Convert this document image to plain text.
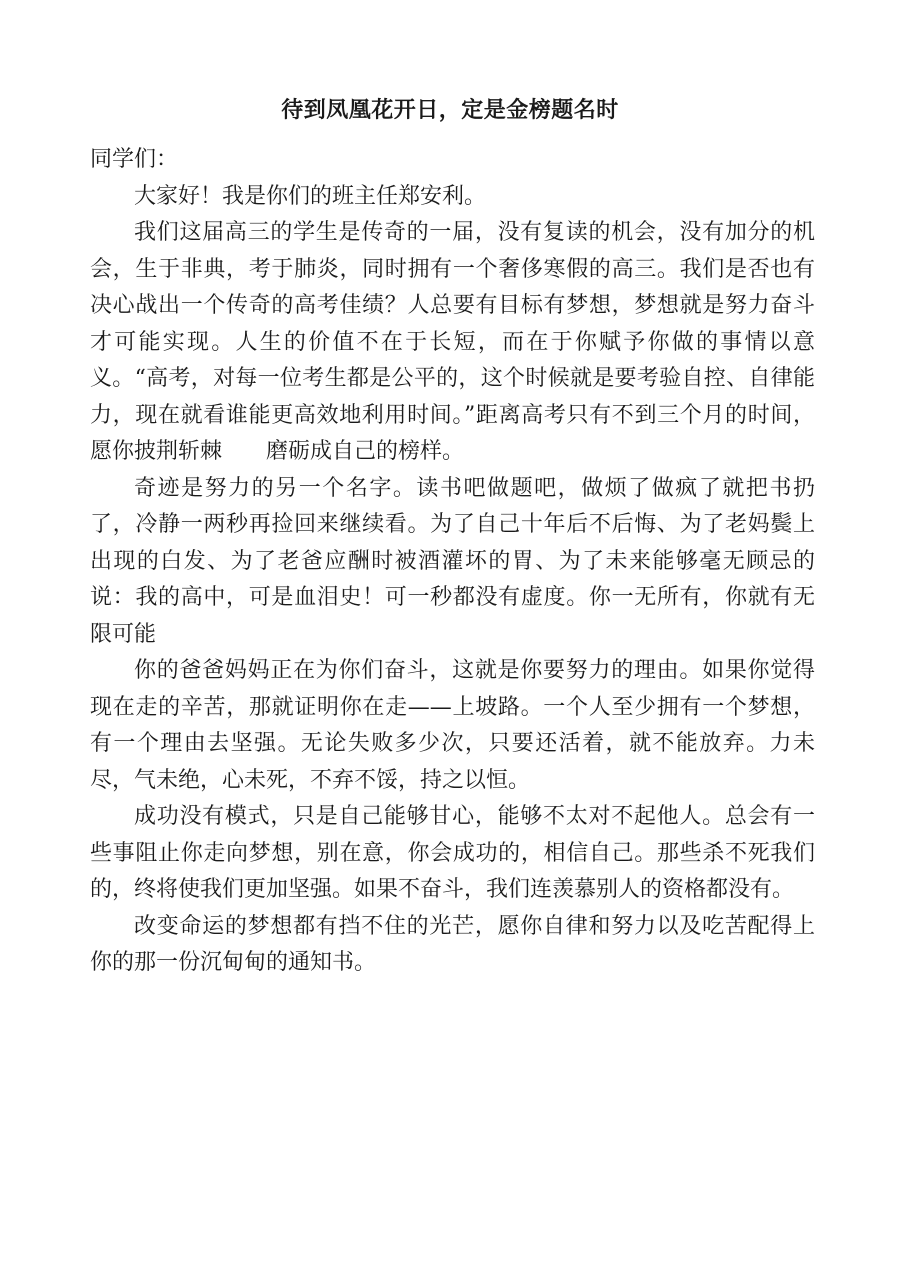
待到凤凰花开日，定是金榜题名时

同学们：

大家好！我是你们的班主任郑安利。

我们这届高三的学生是传奇的一届，没有复读的机会，没有加分的机会，生于非典，考于肺炎，同时拥有一个奢侈寒假的高三。我们是否也有决心战出一个传奇的高考佳绩？人总要有目标有梦想，梦想就是努力奋斗才可能实现。人生的价值不在于长短，而在于你赋予你做的事情以意义。“高考，对每一位考生都是公平的，这个时候就是要考验自控、自律能力，现在就看谁能更高效地利用时间。”距离高考只有不到三个月的时间，愿你披荆斩棘　　磨砺成自己的榜样。

奇迹是努力的另一个名字。读书吧做题吧，做烦了做疯了就把书扔了，冷静一两秒再捡回来继续看。为了自己十年后不后悔、为了老妈鬓上出现的白发、为了老爸应酬时被酒灌坏的胃、为了未来能够毫无顾忌的说：我的高中，可是血泪史！可一秒都没有虚度。你一无所有，你就有无限可能

你的爸爸妈妈正在为你们奋斗，这就是你要努力的理由。如果你觉得现在走的辛苦，那就证明你在走——上坡路。一个人至少拥有一个梦想，有一个理由去坚强。无论失败多少次，只要还活着，就不能放弃。力未尽，气未绝，心未死，不弃不馁，持之以恒。

成功没有模式，只是自己能够甘心，能够不太对不起他人。总会有一些事阻止你走向梦想，别在意，你会成功的，相信自己。那些杀不死我们的，终将使我们更加坚强。如果不奋斗，我们连羡慕别人的资格都没有。

改变命运的梦想都有挡不住的光芒，愿你自律和努力以及吃苦配得上你的那一份沉甸甸的通知书。
